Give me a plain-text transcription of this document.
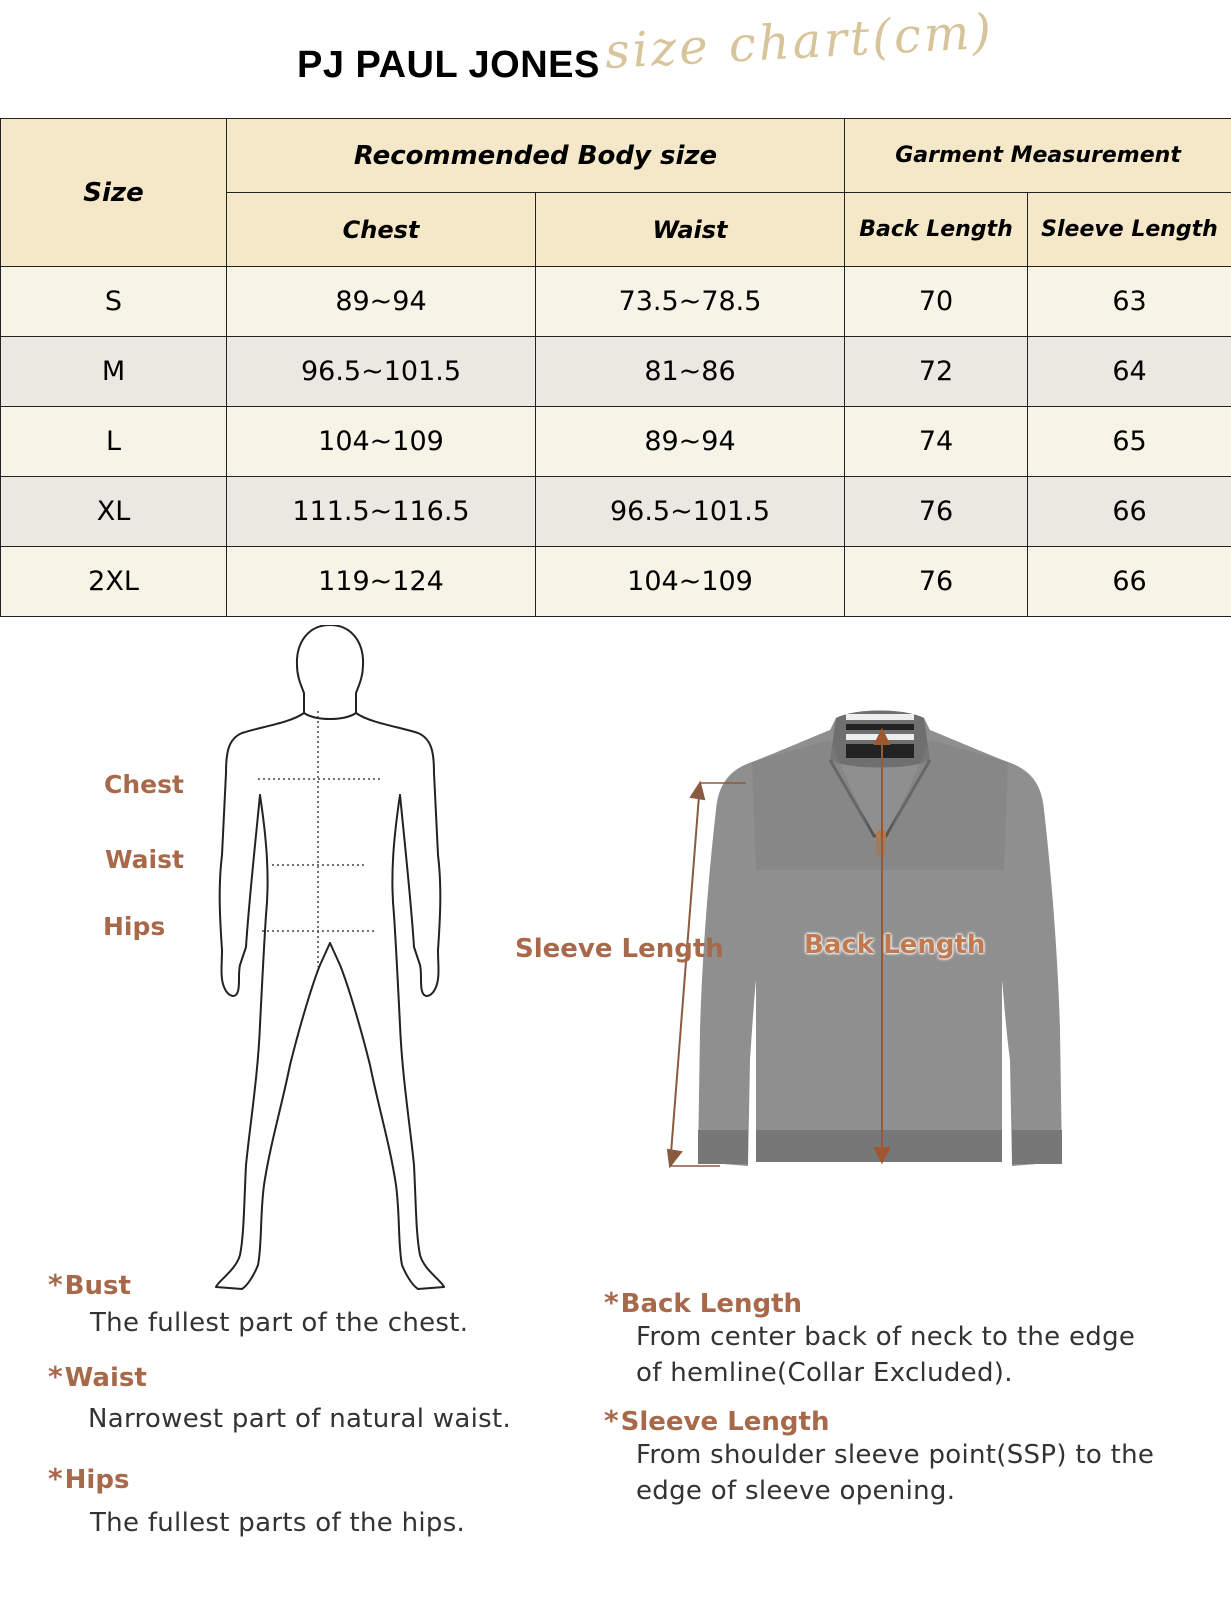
PJ PAUL JONES size chart(cm)
Size	Recommended Body size		Garment Measurement	
	Chest	Waist	Back Length	Sleeve Length
S	89~94	73.5~78.5	70	63
M	96.5~101.5	81~86	72	64
L	104~109	89~94	74	65
XL	111.5~116.5	96.5~101.5	76	66
2XL	119~124	104~109	76	66
Chest
Waist
Hips
Sleeve Length	Back Length
*Bust
The fullest part of the chest.
*Waist
Narrowest part of natural waist.
*Hips
The fullest parts of the hips.
*Back Length
From center back of neck to the edge
of hemline(Collar Excluded).
*Sleeve Length
From shoulder sleeve point(SSP) to the
edge of sleeve opening.
